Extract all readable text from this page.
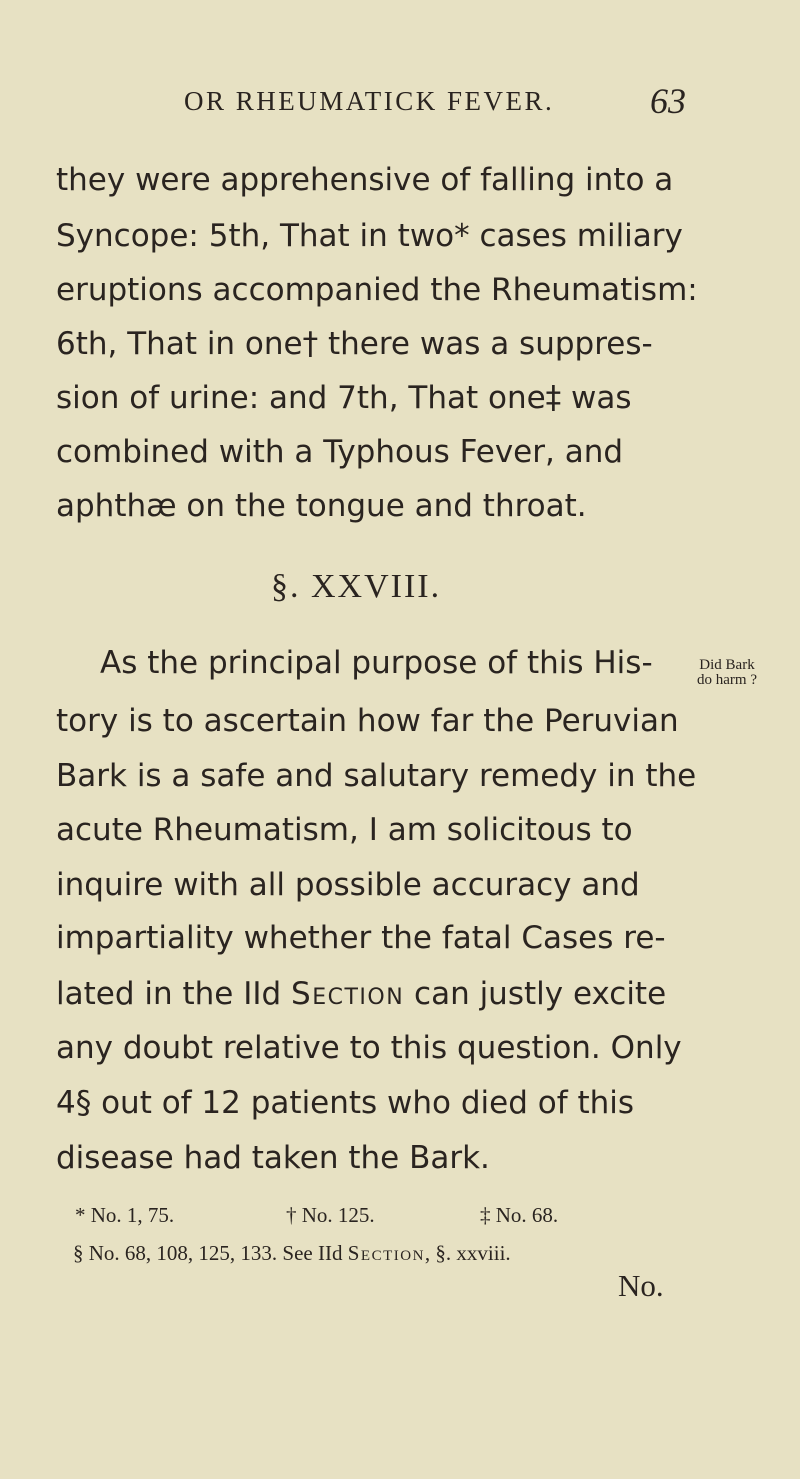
OR RHEUMATICK FEVER.	63
they were apprehensive of falling into a
Syncope: 5th, That in two* cases miliary
eruptions accompanied the Rheumatism:
6th, That in one† there was a suppres-
sion of urine: and 7th, That one‡ was
combined with a Typhous Fever, and
aphthæ on the tongue and throat.
§. XXVIII.
Did Bark
do harm ?
As the principal purpose of this His-
tory is to ascertain how far the Peruvian
Bark is a safe and salutary remedy in the
acute Rheumatism, I am solicitous to
inquire with all possible accuracy and
impartiality whether the fatal Cases re-
lated in the IId Section can justly excite
any doubt relative to this question. Only
4§ out of 12 patients who died of this
disease had taken the Bark.
* No. 1, 75.	† No. 125.	‡ No. 68.
§ No. 68, 108, 125, 133. See IId Section, §. xxviii.
No.
